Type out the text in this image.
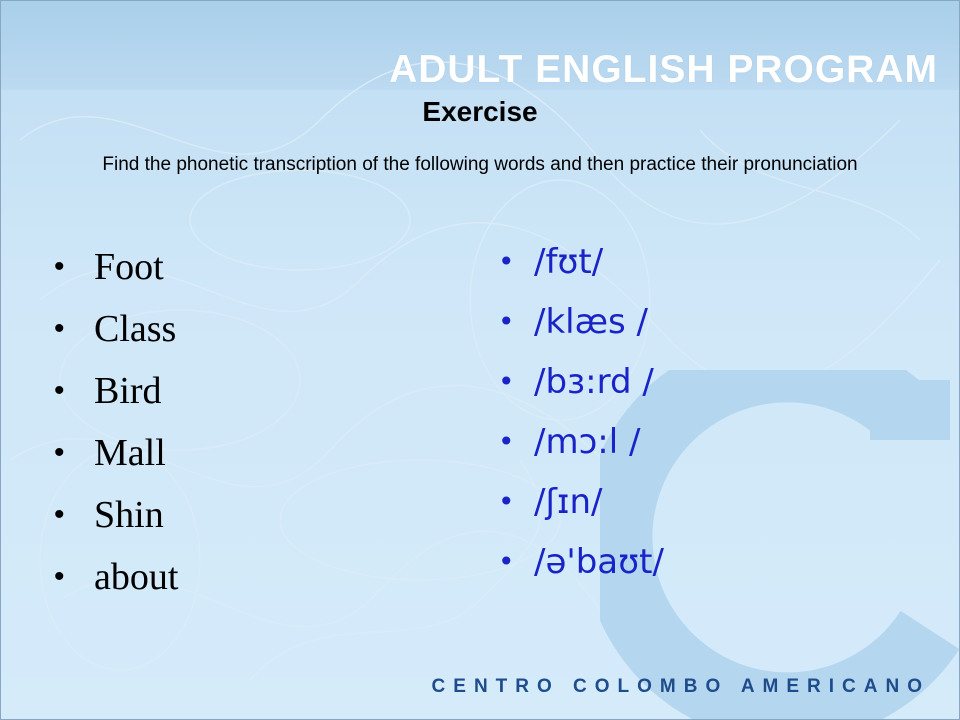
ADULT ENGLISH PROGRAM
CENTRO COLOMBO AMERICANO
Exercise
Find the phonetic transcription of the following words and then practice their pronunciation
• Foot
• Class
• Bird
• Mall
• Shin
• about
• /fʊt/
• /klæs /
• /bɜ:rd /
• /mɔ:l /
• /ʃɪn/
• /ə'baʊt/
